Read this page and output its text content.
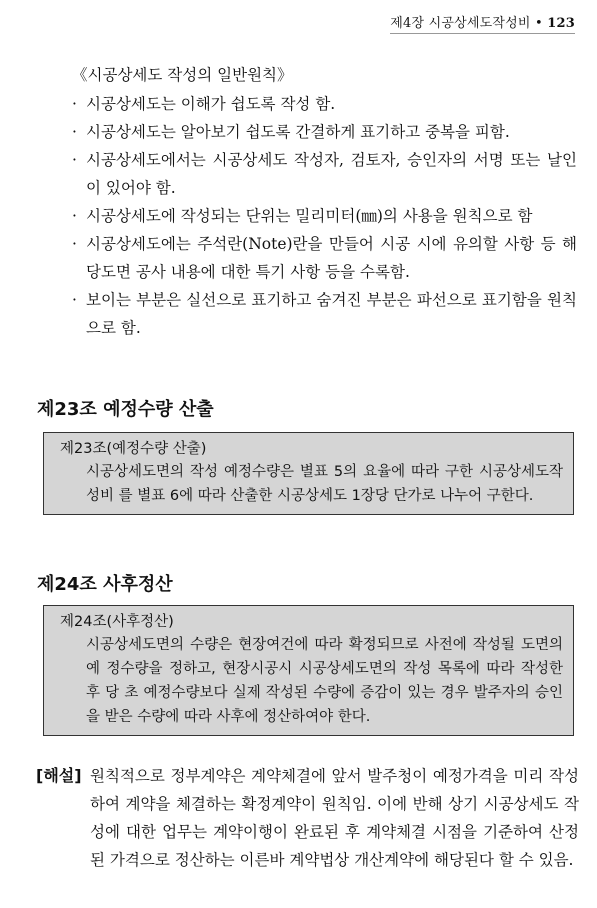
제4장 시공상세도작성비 • 123
《시공상세도 작성의 일반원칙》
· 시공상세도는 이해가 쉽도록 작성 함.
· 시공상세도는 알아보기 쉽도록 간결하게 표기하고 중복을 피함.
· 시공상세도에서는 시공상세도 작성자, 검토자, 승인자의 서명 또는 날인이 있어야 함.
· 시공상세도에 작성되는 단위는 밀리미터(㎜)의 사용을 원칙으로 함
· 시공상세도에는 주석란(Note)란을 만들어 시공 시에 유의할 사항 등 해당도면 공사 내용에 대한 특기 사항 등을 수록함.
· 보이는 부분은 실선으로 표기하고 숨겨진 부분은 파선으로 표기함을 원칙으로 함.
제23조 예정수량 산출
제23조(예정수량 산출)
시공상세도면의 작성 예정수량은 별표 5의 요율에 따라 구한 시공상세도작성비 를 별표 6에 따라 산출한 시공상세도 1장당 단가로 나누어 구한다.
제24조 사후정산
제24조(사후정산)
시공상세도면의 수량은 현장여건에 따라 확정되므로 사전에 작성될 도면의 예 정수량을 정하고, 현장시공시 시공상세도면의 작성 목록에 따라 작성한 후 당 초 예정수량보다 실제 작성된 수량에 증감이 있는 경우 발주자의 승인을 받은 수량에 따라 사후에 정산하여야 한다.
[해설] 원칙적으로 정부계약은 계약체결에 앞서 발주청이 예정가격을 미리 작성하여 계약을 체결하는 확정계약이 원칙임. 이에 반해 상기 시공상세도 작성에 대한 업무는 계약이행이 완료된 후 계약체결 시점을 기준하여 산정된 가격으로 정산하는 이른바 계약법상 개산계약에 해당된다 할 수 있음.
